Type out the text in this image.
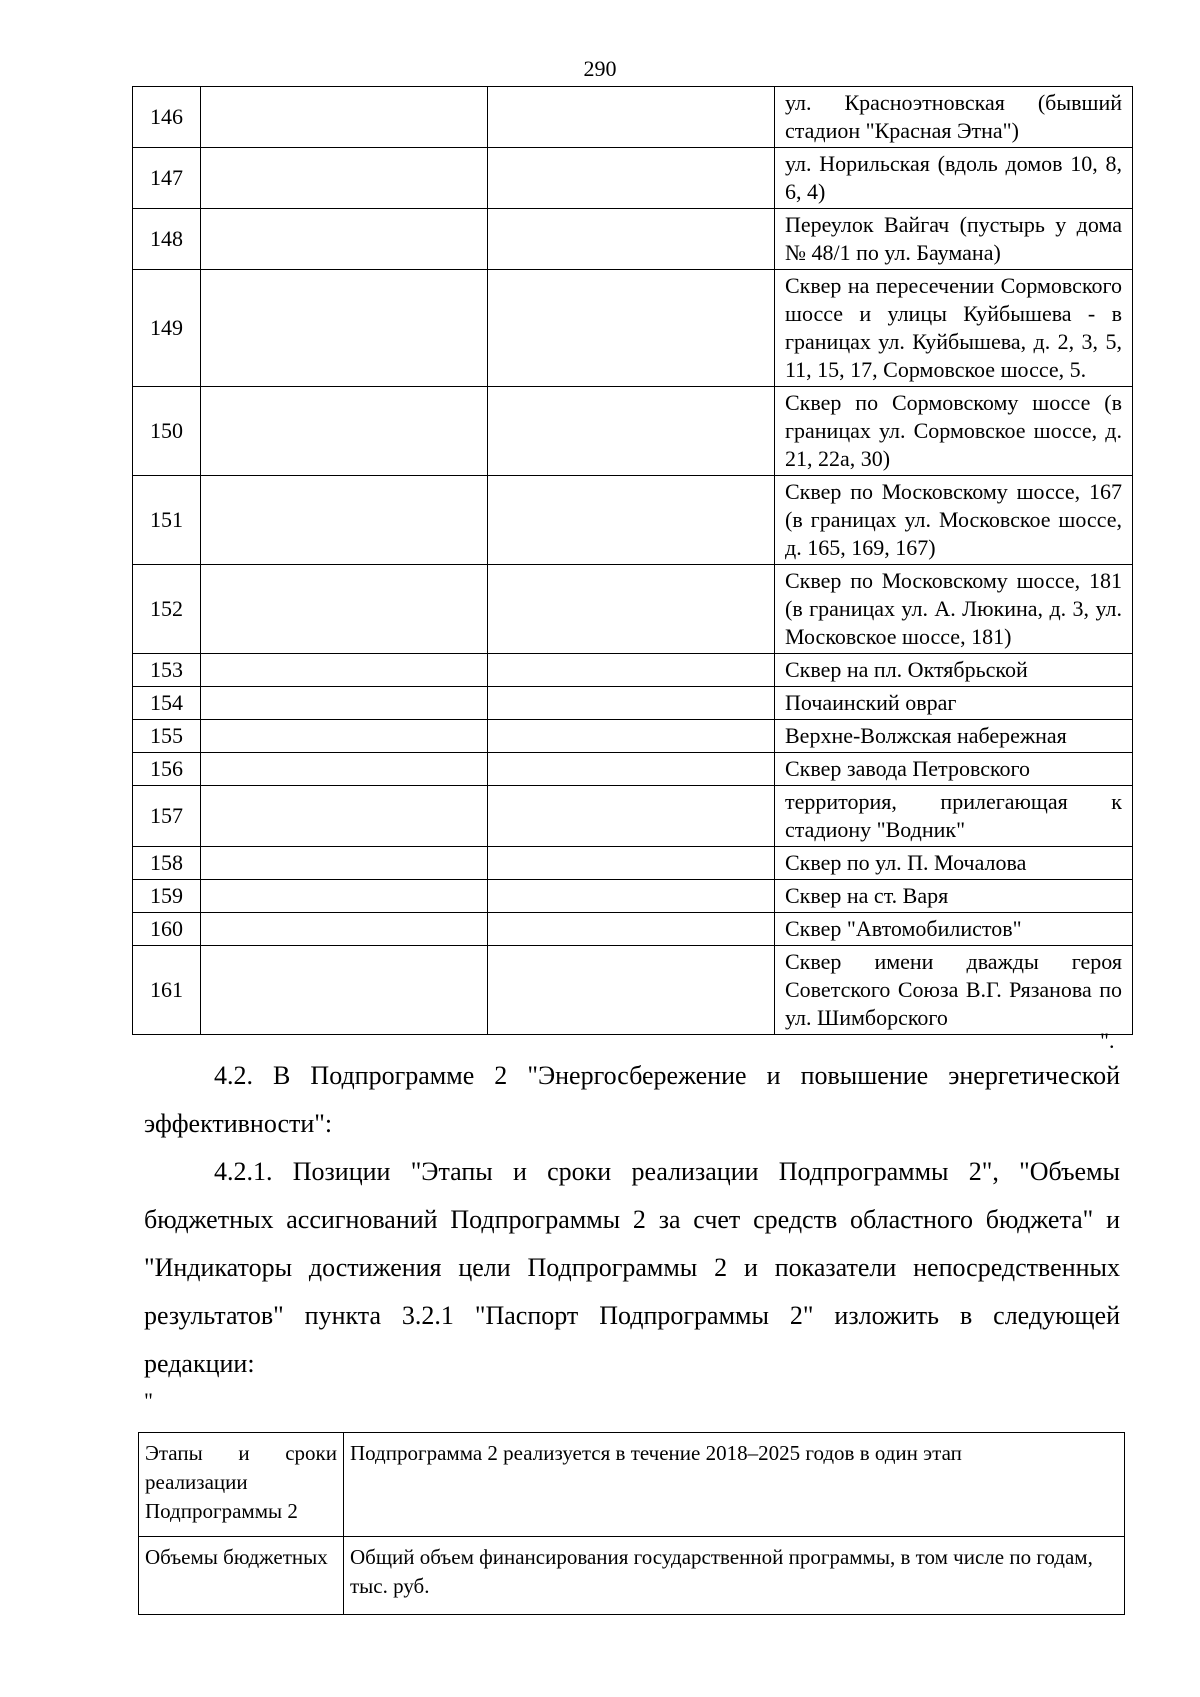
290
146			ул. Красноэтновская (бывший стадион "Красная Этна")
147			ул. Норильская (вдоль домов 10, 8, 6, 4)
148			Переулок Вайгач (пустырь у дома № 48/1 по ул. Баумана)
149			Сквер на пересечении Сормовского шоссе и улицы Куйбышева - в границах ул. Куйбышева, д. 2, 3, 5, 11, 15, 17, Сормовское шоссе, 5.
150			Сквер по Сормовскому шоссе (в границах ул. Сормовское шоссе, д. 21, 22а, 30)
151			Сквер по Московскому шоссе, 167 (в границах ул. Московское шоссе, д. 165, 169, 167)
152			Сквер по Московскому шоссе, 181 (в границах ул. А. Люкина, д. 3, ул. Московское шоссе, 181)
153			Сквер на пл. Октябрьской
154			Почаинский овраг
155			Верхне-Волжская набережная
156			Сквер завода Петровского
157			территория, прилегающая к стадиону "Водник"
158			Сквер по ул. П. Мочалова
159			Сквер на ст. Варя
160			Сквер "Автомобилистов"
161			Сквер имени дважды героя Советского Союза В.Г. Рязанова по ул. Шимборского
".

4.2. В Подпрограмме 2 "Энергосбережение и повышение энергетической эффективности":

4.2.1. Позиции "Этапы и сроки реализации Подпрограммы 2", "Объемы бюджетных ассигнований Подпрограммы 2 за счет средств областного бюджета" и "Индикаторы достижения цели Подпрограммы 2 и показатели непосредственных результатов" пункта 3.2.1 "Паспорт Подпрограммы 2" изложить в следующей редакции:

"
Этапы и сроки реализации Подпрограммы 2	Подпрограмма 2 реализуется в течение 2018–2025 годов в один этап
Объемы бюджетных	Общий объем финансирования государственной программы, в том числе по годам, тыс. руб.
